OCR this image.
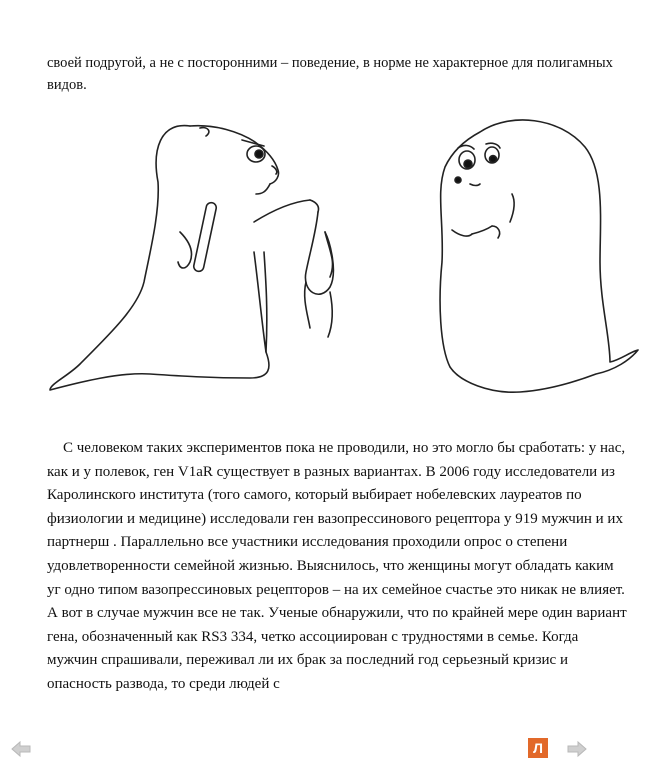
своей подругой, а не с посторонними – поведение, в норме не характерное для полигамных видов.
С человеком таких экспериментов пока не проводили, но это могло бы сработать: у нас, как и у полевок, ген V1aR существует в разных вариантах. В 2006 году исследователи из Каролинского института (того самого, который выбирает нобелевских лауреатов по физиологии и медицине) исследовали ген вазопрессинового рецептора у 919 мужчин и их партнерш . Параллельно все участники исследования проходили опрос о степени удовлетворенности семейной жизнью. Выяснилось, что женщины могут обладать каким уг одно типом вазопрессиновых рецепторов – на их семейное счастье это никак не влияет. А вот в случае мужчин все не так. Ученые обнаружили, что по крайней мере один вариант гена, обозначенный как RS3 334, четко ассоциирован с трудностями в семье. Когда мужчин спрашивали, переживал ли их брак за последний год серьезный кризис и опасность развода, то среди людей с
Л
